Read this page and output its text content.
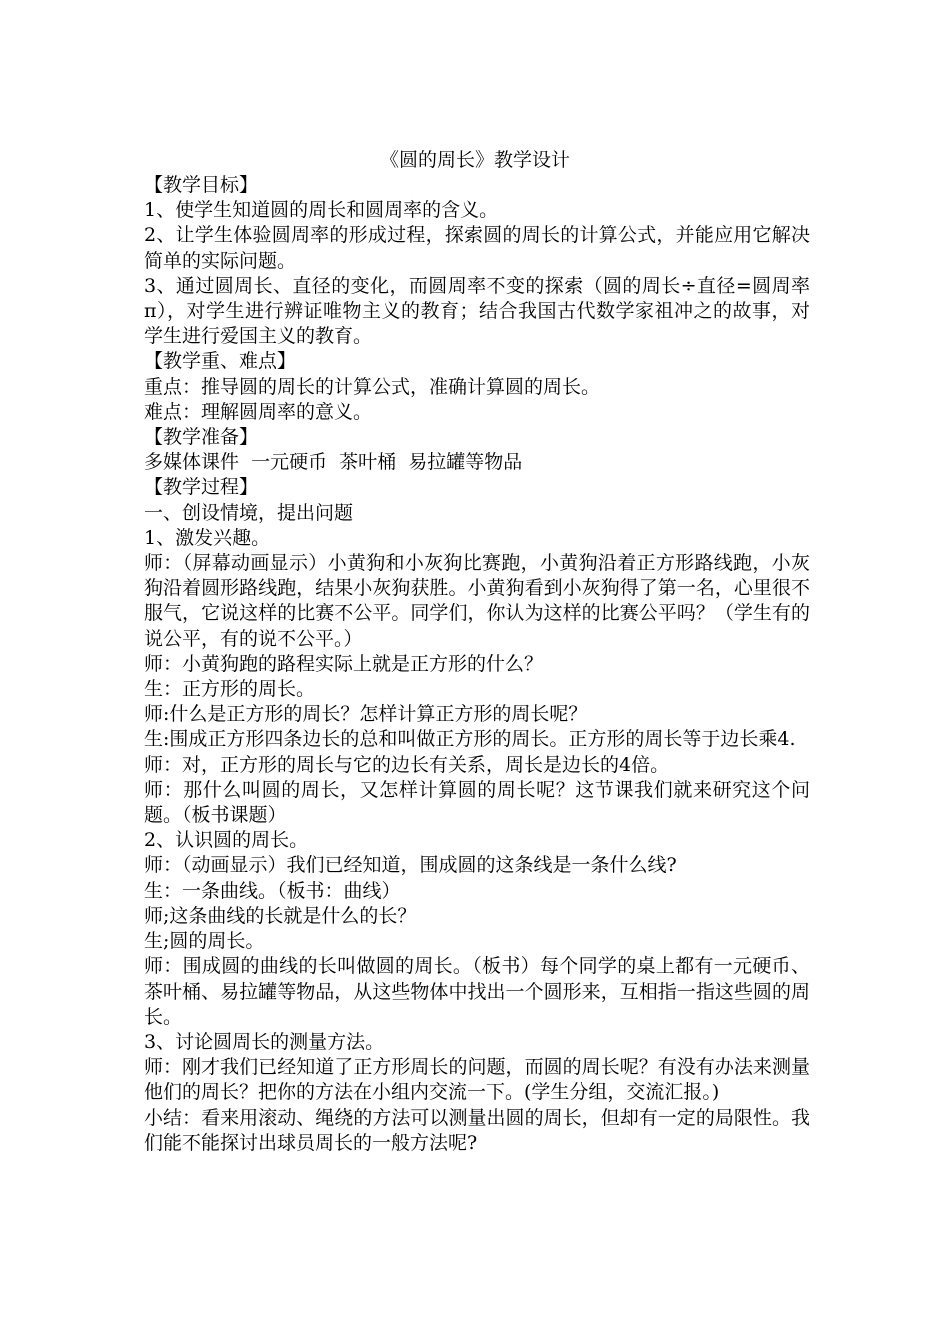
《圆的周长》教学设计

【教学目标】

1、使学生知道圆的周长和圆周率的含义。

2、让学生体验圆周率的形成过程，探索圆的周长的计算公式，并能应用它解决简单的实际问题。

3、通过圆周长、直径的变化，而圆周率不变的探索（圆的周长÷直径=圆周率π），对学生进行辨证唯物主义的教育；结合我国古代数学家祖冲之的故事，对学生进行爱国主义的教育。

【教学重、难点】

重点：推导圆的周长的计算公式，准确计算圆的周长。

难点：理解圆周率的意义。

【教学准备】

多媒体课件  一元硬币  茶叶桶  易拉罐等物品

【教学过程】

一、创设情境，提出问题

1、激发兴趣。

师：（屏幕动画显示）小黄狗和小灰狗比赛跑，小黄狗沿着正方形路线跑，小灰狗沿着圆形路线跑，结果小灰狗获胜。小黄狗看到小灰狗得了第一名，心里很不服气，它说这样的比赛不公平。同学们，你认为这样的比赛公平吗？（学生有的说公平，有的说不公平。）

师：小黄狗跑的路程实际上就是正方形的什么？

生：正方形的周长。

师:什么是正方形的周长？怎样计算正方形的周长呢？

生:围成正方形四条边长的总和叫做正方形的周长。正方形的周长等于边长乘4.

师：对，正方形的周长与它的边长有关系，周长是边长的4倍。

师：那什么叫圆的周长，又怎样计算圆的周长呢？这节课我们就来研究这个问题。（板书课题）

2、认识圆的周长。

师：（动画显示）我们已经知道，围成圆的这条线是一条什么线?

生：一条曲线。（板书：曲线）

师;这条曲线的长就是什么的长？

生;圆的周长。

师：围成圆的曲线的长叫做圆的周长。（板书）每个同学的桌上都有一元硬币、茶叶桶、易拉罐等物品，从这些物体中找出一个圆形来，互相指一指这些圆的周长。

3、讨论圆周长的测量方法。

师：刚才我们已经知道了正方形周长的问题，而圆的周长呢？有没有办法来测量他们的周长？把你的方法在小组内交流一下。(学生分组，交流汇报。)

小结：看来用滚动、绳绕的方法可以测量出圆的周长，但却有一定的局限性。我们能不能探讨出球员周长的一般方法呢?
